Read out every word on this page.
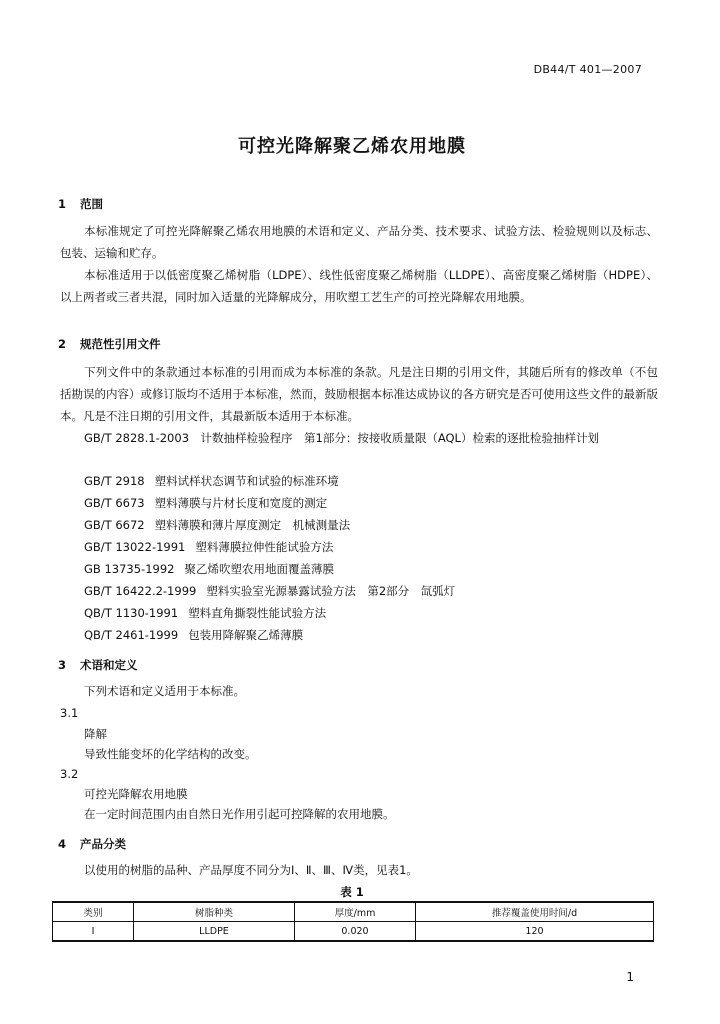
DB44/T 401—2007
可控光降解聚乙烯农用地膜
1 范围
本标准规定了可控光降解聚乙烯农用地膜的术语和定义、产品分类、技术要求、试验方法、检验规则以及标志、包装、运输和贮存。
本标准适用于以低密度聚乙烯树脂（LDPE）、线性低密度聚乙烯树脂（LLDPE）、高密度聚乙烯树脂（HDPE）、以上两者或三者共混，同时加入适量的光降解成分，用吹塑工艺生产的可控光降解农用地膜。
2 规范性引用文件
下列文件中的条款通过本标准的引用而成为本标准的条款。凡是注日期的引用文件，其随后所有的修改单（不包括勘误的内容）或修订版均不适用于本标准，然而，鼓励根据本标准达成协议的各方研究是否可使用这些文件的最新版本。凡是不注日期的引用文件，其最新版本适用于本标准。
GB/T 2828.1-2003　计数抽样检验程序　第1部分：按接收质量限（AQL）检索的逐批检验抽样计划
GB/T 2918 塑料试样状态调节和试验的标准环境
GB/T 6673 塑料薄膜与片材长度和宽度的测定
GB/T 6672 塑料薄膜和薄片厚度测定　机械测量法
GB/T 13022-1991 塑料薄膜拉伸性能试验方法
GB 13735-1992 聚乙烯吹塑农用地面覆盖薄膜
GB/T 16422.2-1999 塑料实验室光源暴露试验方法　第2部分　氙弧灯
QB/T 1130-1991 塑料直角撕裂性能试验方法
QB/T 2461-1999 包装用降解聚乙烯薄膜
3 术语和定义
下列术语和定义适用于本标准。
3.1
降解
导致性能变坏的化学结构的改变。
3.2
可控光降解农用地膜
在一定时间范围内由自然日光作用引起可控降解的农用地膜。
4 产品分类
以使用的树脂的品种、产品厚度不同分为Ⅰ、Ⅱ、Ⅲ、Ⅳ类，见表1。
表 1
类别	树脂种类	厚度/mm	推荐覆盖使用时间/d
Ⅰ	LLDPE	0.020	120
1
